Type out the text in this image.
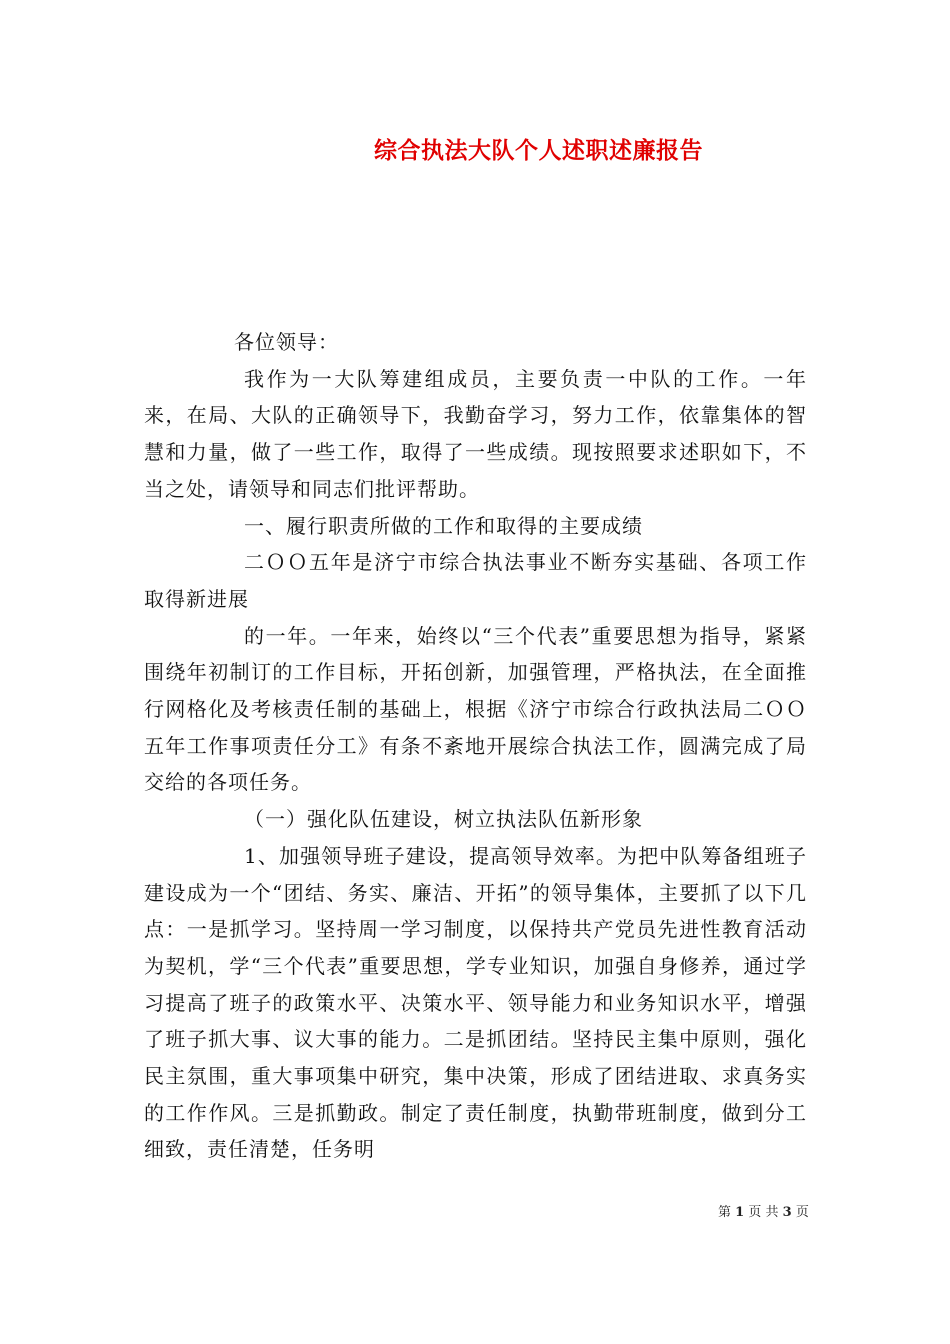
综合执法大队个人述职述廉报告

各位领导：

我作为一大队筹建组成员，主要负责一中队的工作。一年来，在局、大队的正确领导下，我勤奋学习，努力工作，依靠集体的智慧和力量，做了一些工作，取得了一些成绩。现按照要求述职如下，不当之处，请领导和同志们批评帮助。

一、履行职责所做的工作和取得的主要成绩

二ＯＯ五年是济宁市综合执法事业不断夯实基础、各项工作取得新进展

的一年。一年来，始终以“三个代表”重要思想为指导，紧紧围绕年初制订的工作目标，开拓创新，加强管理，严格执法，在全面推行网格化及考核责任制的基础上，根据《济宁市综合行政执法局二ＯＯ五年工作事项责任分工》有条不紊地开展综合执法工作，圆满完成了局交给的各项任务。

（一）强化队伍建设，树立执法队伍新形象

1、加强领导班子建设，提高领导效率。为把中队筹备组班子建设成为一个“团结、务实、廉洁、开拓”的领导集体，主要抓了以下几点：一是抓学习。坚持周一学习制度，以保持共产党员先进性教育活动为契机，学“三个代表”重要思想，学专业知识，加强自身修养，通过学习提高了班子的政策水平、决策水平、领导能力和业务知识水平，增强了班子抓大事、议大事的能力。二是抓团结。坚持民主集中原则，强化民主氛围，重大事项集中研究，集中决策，形成了团结进取、求真务实的工作作风。三是抓勤政。制定了责任制度，执勤带班制度，做到分工细致，责任清楚，任务明

第 1 页 共 3 页
